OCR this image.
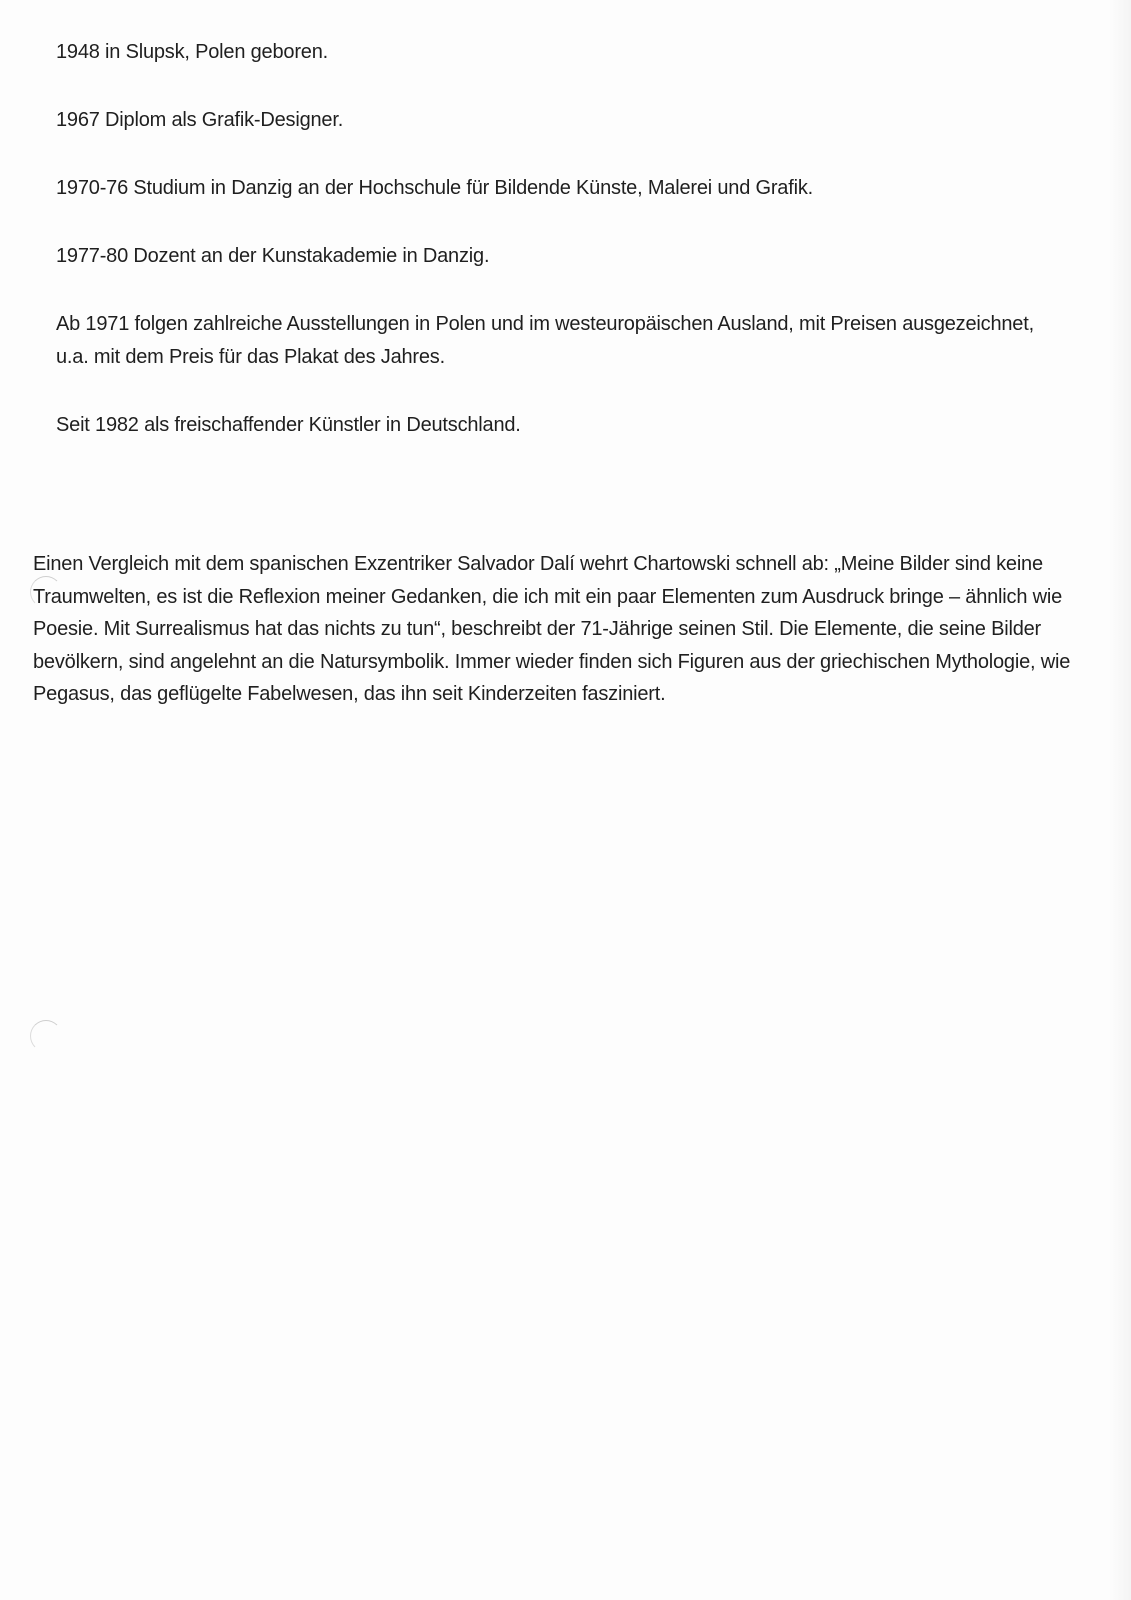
1948 in Slupsk, Polen geboren.
1967 Diplom als Grafik-Designer.
1970-76 Studium in Danzig an der Hochschule für Bildende Künste, Malerei und Grafik.
1977-80 Dozent an der Kunstakademie in Danzig.
Ab 1971 folgen zahlreiche Ausstellungen in Polen und im westeuropäischen Ausland, mit Preisen ausgezeichnet, u.a. mit dem Preis für das Plakat des Jahres.
Seit 1982 als freischaffender Künstler in Deutschland.

Einen Vergleich mit dem spanischen Exzentriker Salvador Dalí wehrt Chartowski schnell ab: „Meine Bilder sind keine Traumwelten, es ist die Reflexion meiner Gedanken, die ich mit ein paar Elementen zum Ausdruck bringe – ähnlich wie Poesie. Mit Surrealismus hat das nichts zu tun“, beschreibt der 71-Jährige seinen Stil. Die Elemente, die seine Bilder bevölkern, sind angelehnt an die Natursymbolik. Immer wieder finden sich Figuren aus der griechischen Mythologie, wie Pegasus, das geflügelte Fabelwesen, das ihn seit Kinderzeiten fasziniert.
